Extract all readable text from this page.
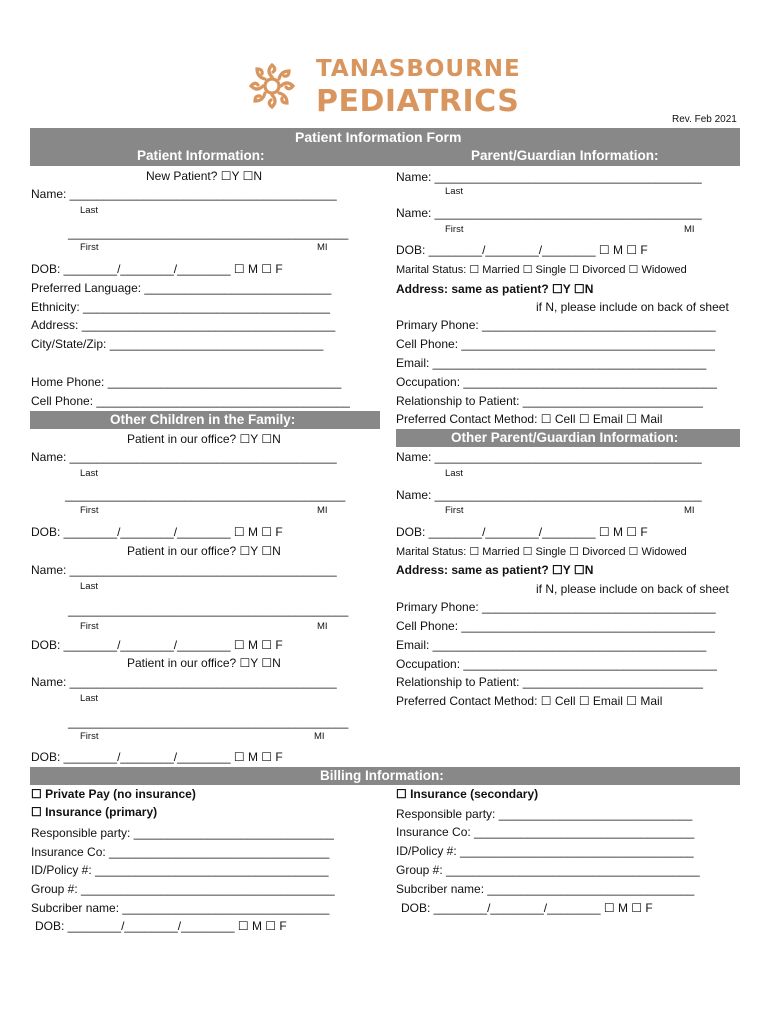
TANASBOURNE
PEDIATRICS
Rev. Feb 2021
Patient Information Form
Patient Information:	Parent/Guardian Information:
New Patient? ☐Y ☐N
Name: ________________________________________
Last
__________________________________________
First	MI
DOB: ________/________/________ ☐ M ☐ F
Preferred Language: ____________________________
Ethnicity: _____________________________________
Address: ______________________________________
City/State/Zip: ________________________________
Home Phone: ___________________________________
Cell Phone: ______________________________________
Name: ________________________________________
Last
Name: ________________________________________
First	MI
DOB: ________/________/________ ☐ M ☐ F
Marital Status: ☐ Married ☐ Single ☐ Divorced ☐ Widowed
Address: same as patient? ☐Y ☐N
if N, please include on back of sheet
Primary Phone: ___________________________________
Cell Phone: ______________________________________
Email: _________________________________________
Occupation: ______________________________________
Relationship to Patient: ___________________________
Preferred Contact Method: ☐ Cell ☐ Email ☐ Mail
Other Children in the Family:
Other Parent/Guardian Information:
Patient in our office? ☐Y ☐N
Name: ________________________________________
Last
__________________________________________
First	MI
DOB: ________/________/________ ☐ M ☐ F
Patient in our office? ☐Y ☐N
Name: ________________________________________
Last
__________________________________________
First	MI
DOB: ________/________/________ ☐ M ☐ F
Patient in our office? ☐Y ☐N
Name: ________________________________________
Last
__________________________________________
First	MI
DOB: ________/________/________ ☐ M ☐ F
Name: ________________________________________
Last
Name: ________________________________________
First	MI
DOB: ________/________/________ ☐ M ☐ F
Marital Status: ☐ Married ☐ Single ☐ Divorced ☐ Widowed
Address: same as patient? ☐Y ☐N
if N, please include on back of sheet
Primary Phone: ___________________________________
Cell Phone: ______________________________________
Email: _________________________________________
Occupation: ______________________________________
Relationship to Patient: ___________________________
Preferred Contact Method: ☐ Cell ☐ Email ☐ Mail
Billing Information:
☐ Private Pay (no insurance)
☐ Insurance (primary)
Responsible party: ______________________________
Insurance Co: _________________________________
ID/Policy #: ___________________________________
Group #: ______________________________________
Subcriber name: _______________________________
DOB: ________/________/________ ☐ M ☐ F
☐ Insurance (secondary)
Responsible party: _____________________________
Insurance Co: _________________________________
ID/Policy #: ___________________________________
Group #: ______________________________________
Subcriber name: _______________________________
DOB: ________/________/________ ☐ M ☐ F
